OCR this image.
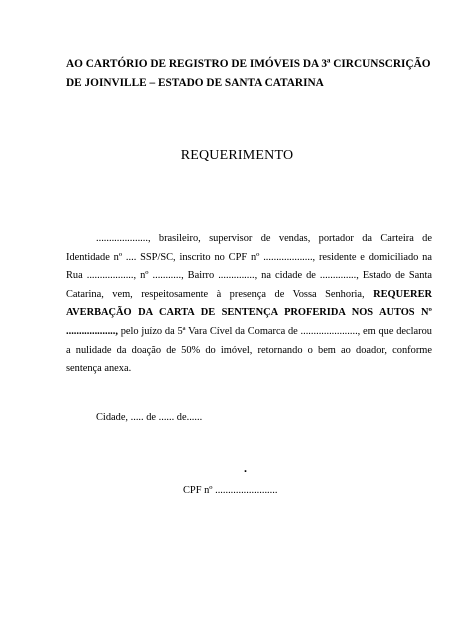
AO CARTÓRIO DE REGISTRO DE IMÓVEIS DA 3ª CIRCUNSCRIÇÃO
DE JOINVILLE – ESTADO DE SANTA CATARINA

REQUERIMENTO

...................., brasileiro, supervisor de vendas, portador da Carteira de Identidade nº .... SSP/SC, inscrito no CPF nº ..................., residente e domiciliado na Rua .................., nº ..........., Bairro .............., na cidade de .............., Estado de Santa Catarina, vem, respeitosamente à presença de Vossa Senhoria, REQUERER AVERBAÇÃO DA CARTA DE SENTENÇA PROFERIDA NOS AUTOS Nº ..................., pelo juízo da 5ª Vara Cível da Comarca de ......................, em que declarou a nulidade da doação de 50% do imóvel, retornando o bem ao doador, conforme sentença anexa.

Cidade, ..... de ...... de......

.

CPF nº ........................
